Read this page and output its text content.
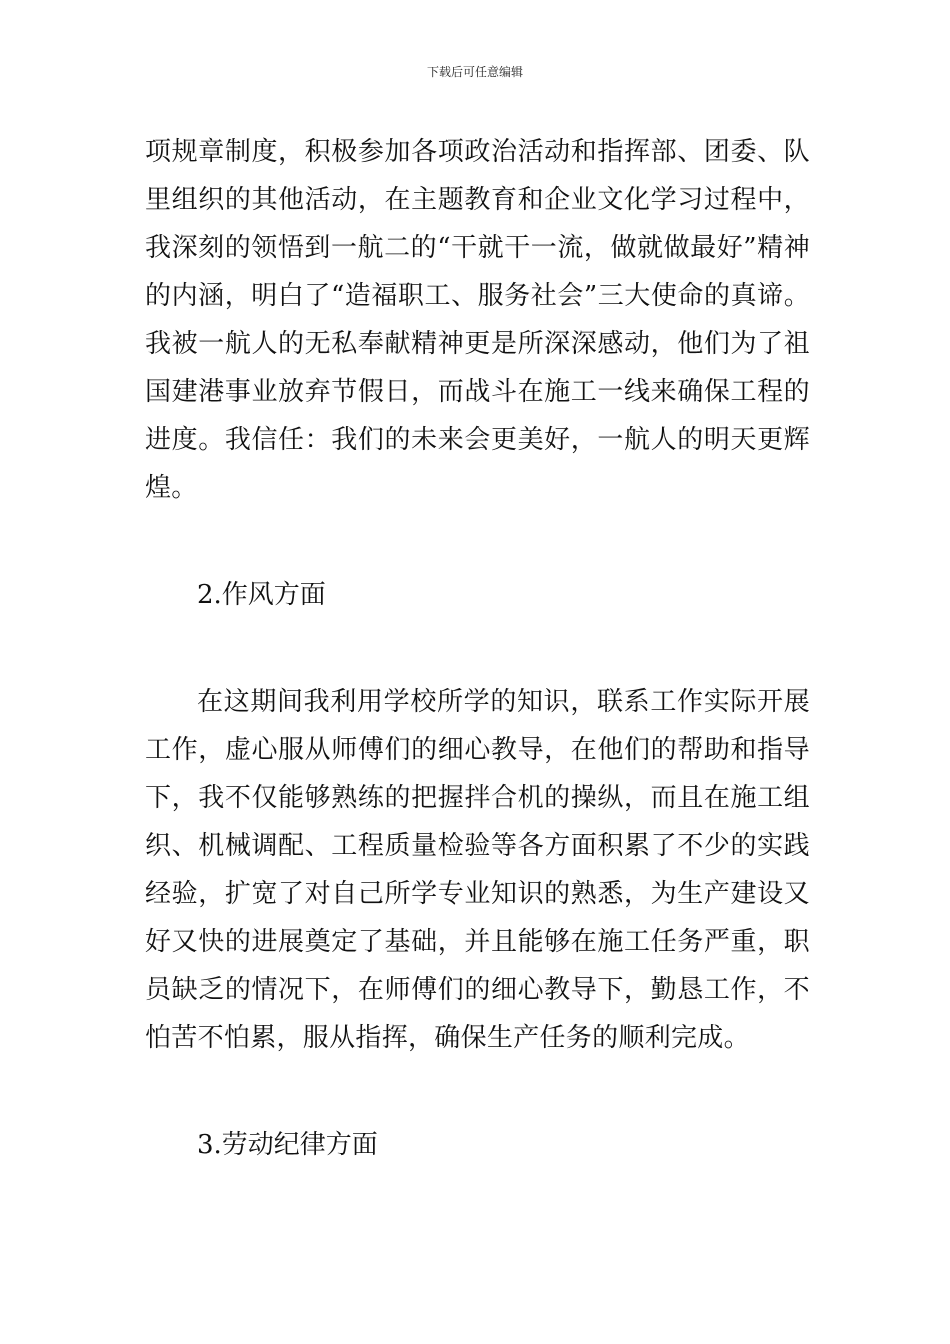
下载后可任意编辑

项规章制度，积极参加各项政治活动和指挥部、团委、队里组织的其他活动，在主题教育和企业文化学习过程中，我深刻的领悟到一航二的“干就干一流，做就做最好”精神的内涵，明白了“造福职工、服务社会”三大使命的真谛。我被一航人的无私奉献精神更是所深深感动，他们为了祖国建港事业放弃节假日，而战斗在施工一线来确保工程的进度。我信任：我们的未来会更美好，一航人的明天更辉煌。

2.作风方面

在这期间我利用学校所学的知识，联系工作实际开展工作，虚心服从师傅们的细心教导，在他们的帮助和指导下，我不仅能够熟练的把握拌合机的操纵，而且在施工组织、机械调配、工程质量检验等各方面积累了不少的实践经验，扩宽了对自己所学专业知识的熟悉，为生产建设又好又快的进展奠定了基础，并且能够在施工任务严重，职员缺乏的情况下，在师傅们的细心教导下，勤恳工作，不怕苦不怕累，服从指挥，确保生产任务的顺利完成。

3.劳动纪律方面
